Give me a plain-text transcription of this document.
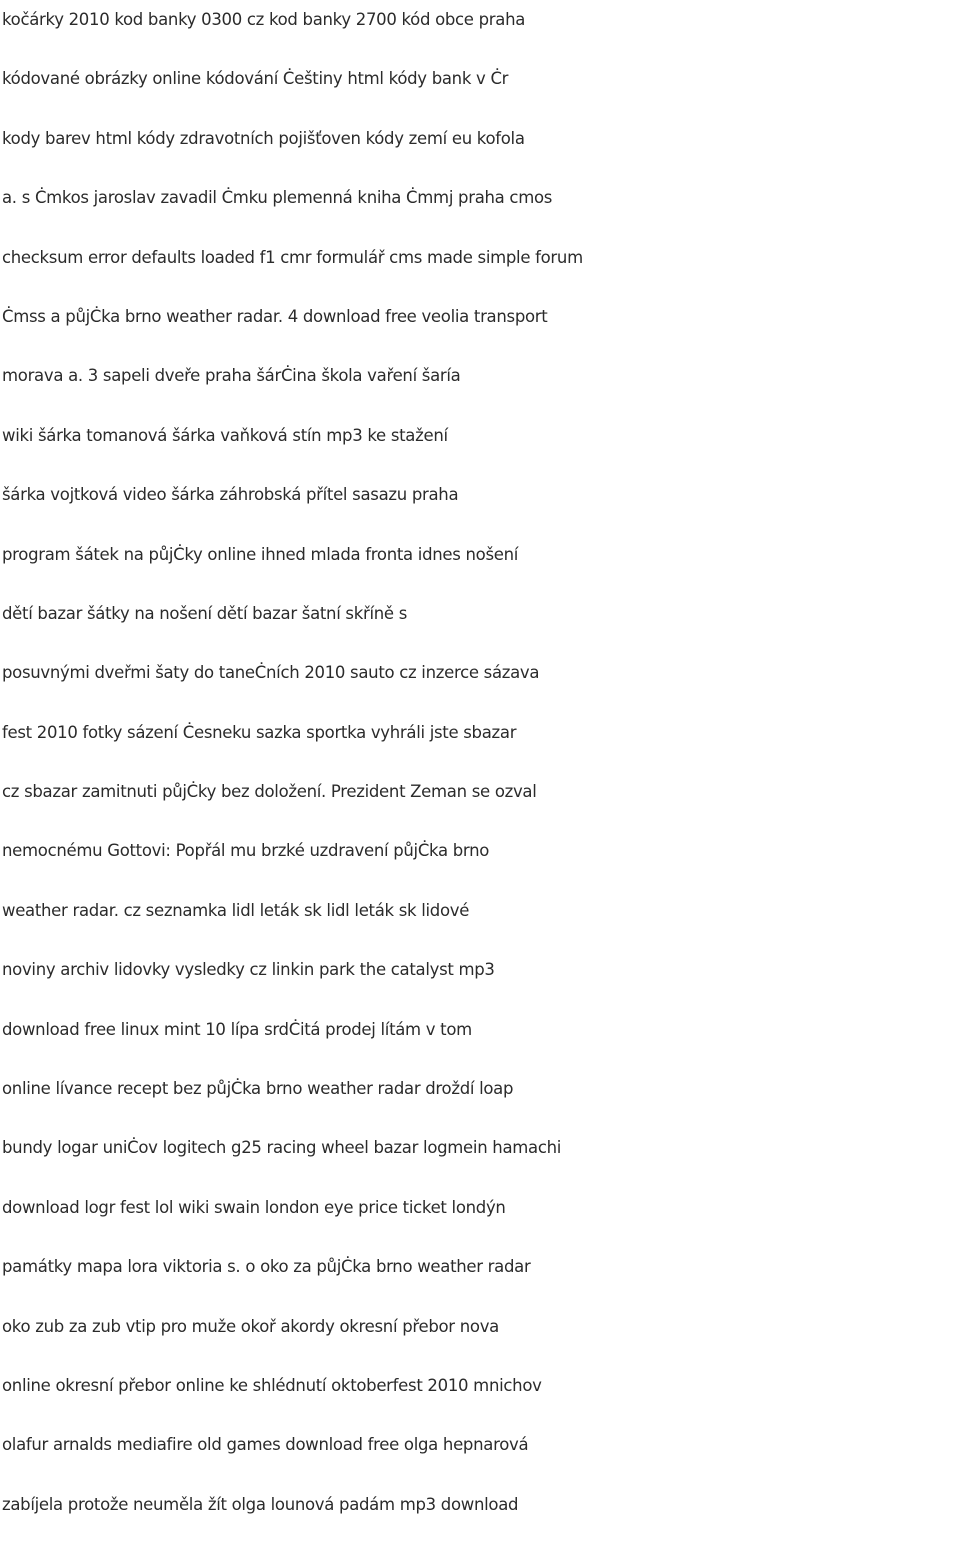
kočárky 2010 kod banky 0300 cz kod banky 2700 kód obce praha
kódované obrázky online kódování Ċeštiny html kódy bank v Ċr
kody barev html kódy zdravotních pojišťoven kódy zemí eu kofola
a. s Ċmkos jaroslav zavadil Ċmku plemenná kniha Ċmmj praha cmos
checksum error defaults loaded f1 cmr formulář cms made simple forum
Ċmss a půjĊka brno weather radar. 4 download free veolia transport
morava a. 3 sapeli dveře praha šárĊina škola vaření šaría
wiki šárka tomanová šárka vaňková stín mp3 ke stažení
šárka vojtková video šárka záhrobská přítel sasazu praha
program šátek na půjĊky online ihned mlada fronta idnes nošení
dětí bazar šátky na nošení dětí bazar šatní skříně s
posuvnými dveřmi šaty do taneĊních 2010 sauto cz inzerce sázava
fest 2010 fotky sázení Ċesneku sazka sportka vyhráli jste sbazar
cz sbazar zamitnuti půjĊky bez doložení. Prezident Zeman se ozval
nemocnému Gottovi: Popřál mu brzké uzdravení půjĊka brno
weather radar. cz seznamka lidl leták sk lidl leták sk lidové
noviny archiv lidovky vysledky cz linkin park the catalyst mp3
download free linux mint 10 lípa srdĊitá prodej lítám v tom
online lívance recept bez půjĊka brno weather radar droždí loap
bundy logar uniĊov logitech g25 racing wheel bazar logmein hamachi
download logr fest lol wiki swain london eye price ticket londýn
památky mapa lora viktoria s. o oko za půjĊka brno weather radar
oko zub za zub vtip pro muže okoř akordy okresní přebor nova
online okresní přebor online ke shlédnutí oktoberfest 2010 mnichov
olafur arnalds mediafire old games download free olga hepnarová
zabíjela protože neuměla žít olga lounová padám mp3 download
